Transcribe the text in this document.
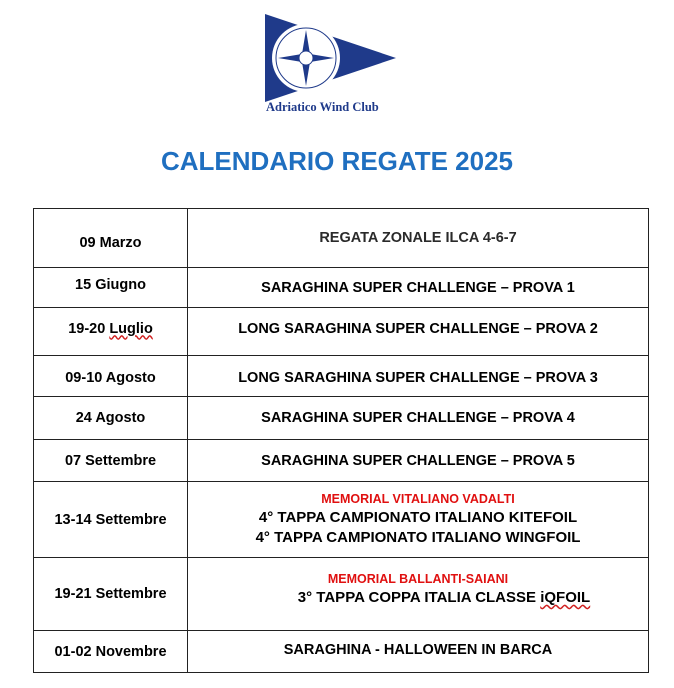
Adriatico Wind Club
CALENDARIO REGATE 2025
09 Marzo	REGATA ZONALE ILCA 4-6-7
15 Giugno	SARAGHINA SUPER CHALLENGE – PROVA 1
19-20 Luglio	LONG SARAGHINA SUPER CHALLENGE – PROVA 2
09-10 Agosto	LONG SARAGHINA SUPER CHALLENGE – PROVA 3
24 Agosto	SARAGHINA SUPER CHALLENGE – PROVA 4
07 Settembre	SARAGHINA SUPER CHALLENGE – PROVA 5
13-14 Settembre	MEMORIAL VITALIANO VADALTI
4° TAPPA CAMPIONATO ITALIANO KITEFOIL
4° TAPPA CAMPIONATO ITALIANO WINGFOIL

19-21 Settembre	MEMORIAL BALLANTI-SAIANI
3° TAPPA COPPA ITALIA CLASSE iQFOIL

01-02 Novembre	SARAGHINA - HALLOWEEN IN BARCA
